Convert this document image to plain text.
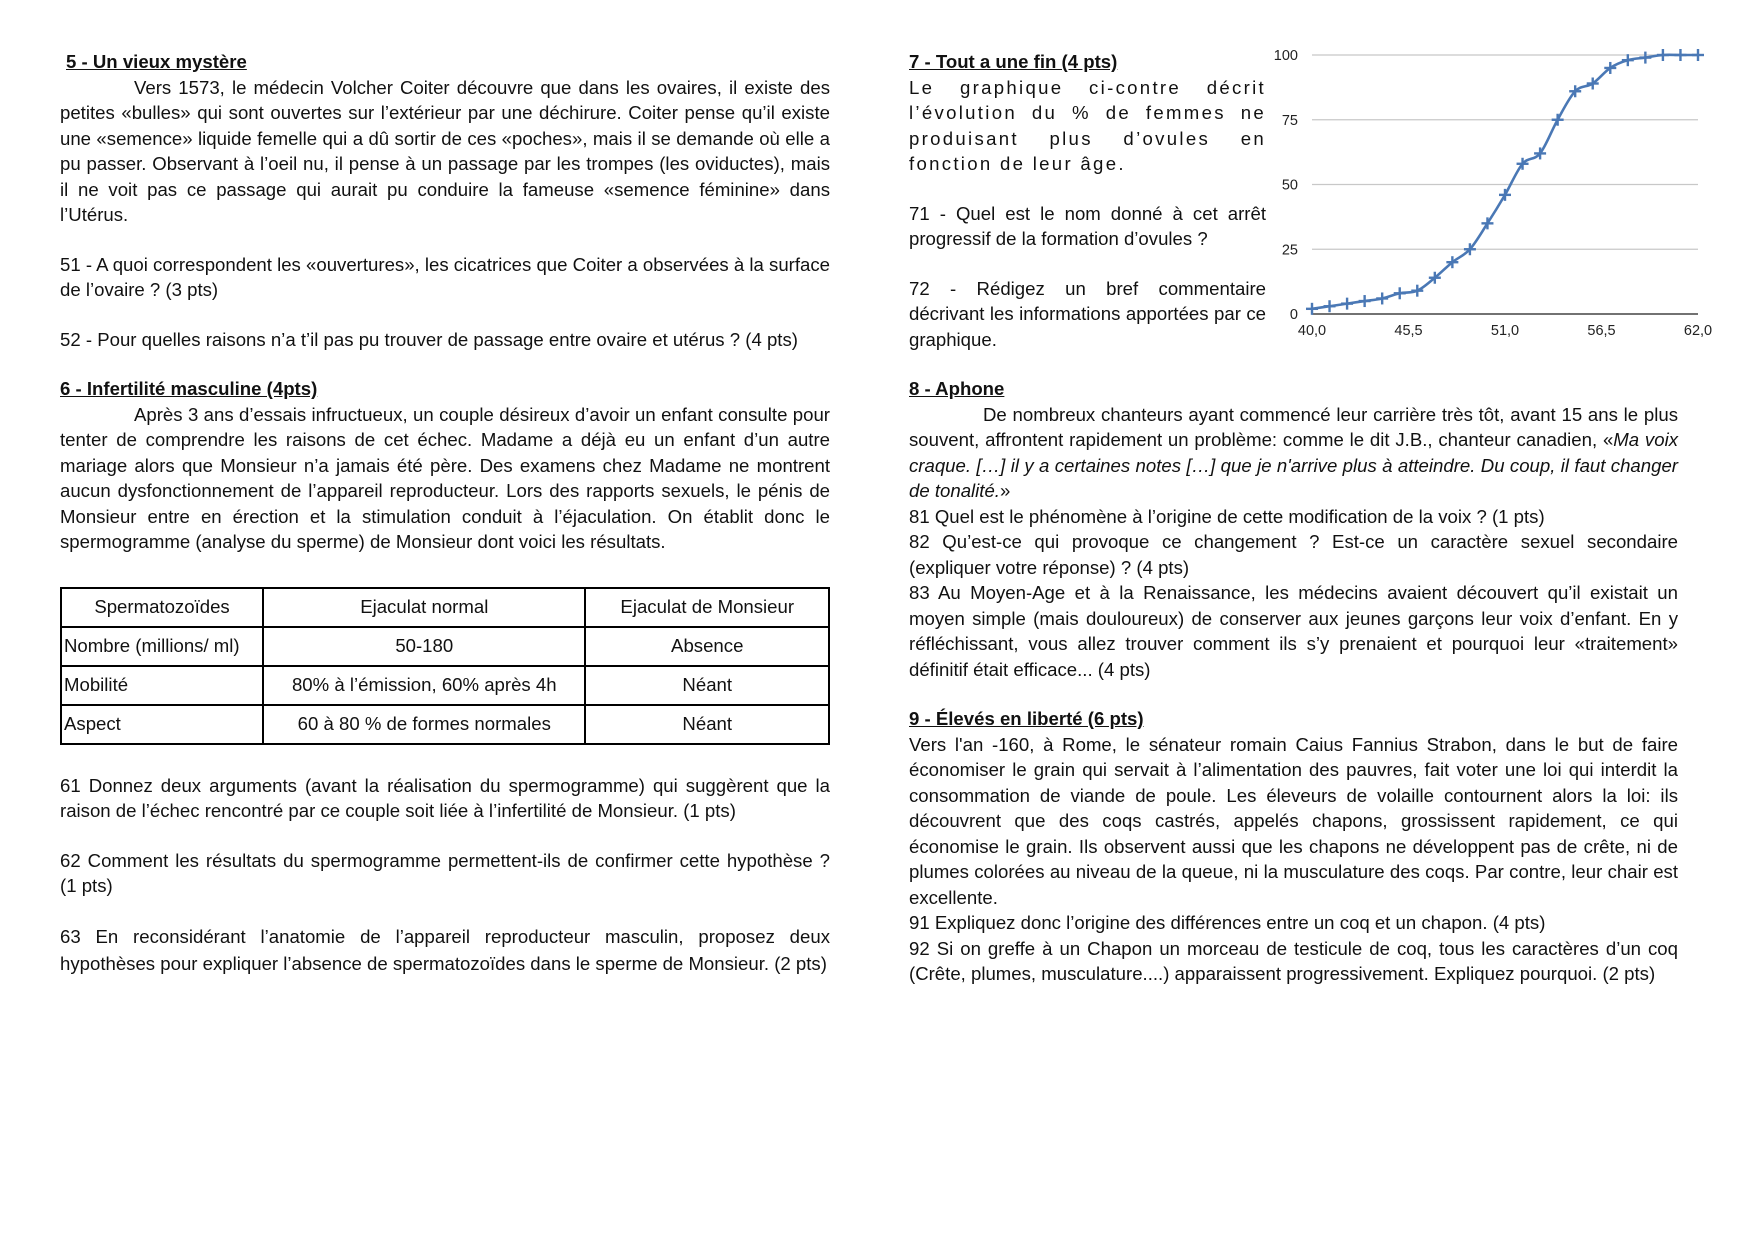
5 - Un vieux mystère

Vers 1573, le médecin Volcher Coiter découvre que dans les ovaires, il existe des petites «bulles» qui sont ouvertes sur l’extérieur par une déchirure. Coiter pense qu’il existe une «semence» liquide femelle qui a dû sortir de ces «poches», mais il se demande où elle a pu passer. Observant à l’oeil nu, il pense à un passage par les trompes (les oviductes), mais il ne voit pas ce passage qui aurait pu conduire la fameuse «semence féminine» dans l’Utérus.

51 - A quoi correspondent les «ouvertures», les cicatrices que Coiter a observées à la surface de l’ovaire ? (3 pts)

52 - Pour quelles raisons n’a t’il pas pu trouver de passage entre ovaire et utérus ? (4 pts)

6 - Infertilité masculine (4pts)

Après 3 ans d’essais infructueux, un couple désireux d’avoir un enfant consulte pour tenter de comprendre les raisons de cet échec. Madame a déjà eu un enfant d’un autre mariage alors que Monsieur n’a jamais été père. Des examens chez Madame ne montrent aucun dysfonctionnement de l’appareil reproducteur. Lors des rapports sexuels, le pénis de Monsieur entre en érection et la stimulation conduit à l’éjaculation. On établit donc le spermogramme (analyse du sperme) de Monsieur dont voici les résultats.

Spermatozoïdes	Ejaculat normal	Ejaculat de Monsieur
Nombre (millions/ ml)	50-180	Absence
Mobilité	80% à l’émission, 60% après 4h	Néant
Aspect	60 à 80 % de formes normales	Néant

61 Donnez deux arguments (avant la réalisation du spermogramme) qui suggèrent que la raison de l’échec rencontré par ce couple soit liée à l’infertilité de Monsieur. (1 pts)

62 Comment les résultats du spermogramme permettent-ils de confirmer cette hypothèse ? (1 pts)

63 En reconsidérant l’anatomie de l’appareil reproducteur masculin, proposez deux hypothèses pour expliquer l’absence de spermatozoïdes dans le sperme de Monsieur. (2 pts)

7 - Tout a une fin (4 pts)

Le graphique ci-contre décrit l’évolution du % de femmes ne produisant plus d’ovules en fonction de leur âge.

71 - Quel est le nom donné à cet arrêt progressif de la formation d’ovules ?

72 - Rédigez un bref commentaire décrivant les informations apportées par ce graphique.

8 - Aphone

De nombreux chanteurs ayant commencé leur carrière très tôt, avant 15 ans le plus souvent, affrontent rapidement un problème: comme le dit J.B., chanteur canadien, «Ma voix craque. […] il y a certaines notes […] que je n'arrive plus à atteindre. Du coup, il faut changer de tonalité.»

81 Quel est le phénomène à l’origine de cette modification de la voix ? (1 pts)

82 Qu’est-ce qui provoque ce changement ? Est-ce un caractère sexuel secondaire (expliquer votre réponse) ? (4 pts)

83 Au Moyen-Age et à la Renaissance, les médecins avaient découvert qu’il existait un moyen simple (mais douloureux) de conserver aux jeunes garçons leur voix d’enfant. En y réfléchissant, vous allez trouver comment ils s’y prenaient et pourquoi leur «traitement» définitif était efficace... (4 pts)

9 - Élevés en liberté (6 pts)

Vers l'an -160, à Rome, le sénateur romain Caius Fannius Strabon, dans le but de faire économiser le grain qui servait à l’alimentation des pauvres, fait voter une loi qui interdit la consommation de viande de poule. Les éleveurs de volaille contournent alors la loi: ils découvrent que des coqs castrés, appelés chapons, grossissent rapidement, ce qui économise le grain. Ils observent aussi que les chapons ne développent pas de crête, ni de plumes colorées au niveau de la queue, ni la musculature des coqs. Par contre, leur chair est excellente.

91 Expliquez donc l’origine des différences entre un coq et un chapon. (4 pts)

92 Si on greffe à un Chapon un morceau de testicule de coq, tous les caractères d’un coq (Crête, plumes, musculature....) apparaissent progressivement. Expliquez pourquoi. (2 pts)

0
25
50
75
100
40,0	45,5	51,0	56,5	62,0
